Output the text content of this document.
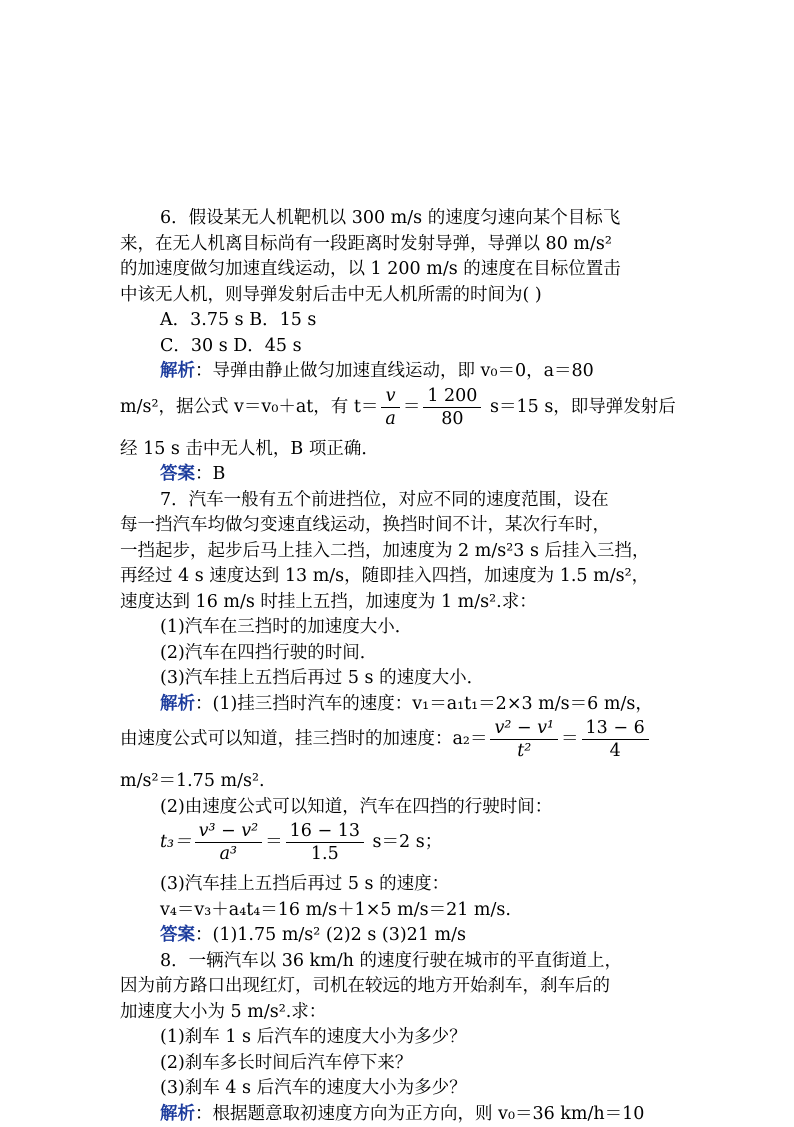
6．假设某无人机靶机以 300 m/s 的速度匀速向某个目标飞
来，在无人机离目标尚有一段距离时发射导弹，导弹以 80 m/s²
的加速度做匀加速直线运动，以 1 200 m/s 的速度在目标位置击
中该无人机，则导弹发射后击中无人机所需的时间为( )
A．3.75 s B．15 s
C．30 s D．45 s
解析：导弹由静止做匀加速直线运动，即 v₀＝0，a＝80
m/s²，据公式 v＝v₀＋at，有 $t= \frac{v}{a} = \frac{1 200}{80} s=15$ s，即导弹发射后
经 15 s 击中无人机，B 项正确．
答案：B
7．汽车一般有五个前进挡位，对应不同的速度范围，设在
每一挡汽车均做匀变速直线运动，换挡时间不计，某次行车时，
一挡起步，起步后马上挂入二挡，加速度为 2 m/s²3 s 后挂入三挡，
再经过 4 s 速度达到 13 m/s，随即挂入四挡，加速度为 1.5 m/s²，
速度达到 16 m/s 时挂上五挡，加速度为 1 m/s².求：
(1)汽车在三挡时的加速度大小．
(2)汽车在四挡行驶的时间．
(3)汽车挂上五挡后再过 5 s 的速度大小．
解析：(1)挂三挡时汽车的速度：v₁＝a₁t₁＝2×3 m/s＝6 m/s，
由速度公式可以知道，挂三挡时的加速度：$a_2= \frac{\text{v² − v¹}}{\text{t²}} = \frac{13 - 6}{4}$
m/s²＝1.75 m/s².
(2)由速度公式可以知道，汽车在四挡的行驶时间：
$t_3= \frac{\text{v³ − v²}}{\text{a³}} = \frac{16 - 13}{1.5} s=2$ s；
(3)汽车挂上五挡后再过 5 s 的速度：
v₄＝v₃＋a₄t₄＝16 m/s＋1×5 m/s＝21 m/s.
答案：(1)1.75 m/s² (2)2 s (3)21 m/s
8．一辆汽车以 36 km/h 的速度行驶在城市的平直街道上，
因为前方路口出现红灯，司机在较远的地方开始刹车，刹车后的
加速度大小为 5 m/s².求：
(1)刹车 1 s 后汽车的速度大小为多少？
(2)刹车多长时间后汽车停下来？
(3)刹车 4 s 后汽车的速度大小为多少？
解析：根据题意取初速度方向为正方向，则 v₀＝36 km/h＝10
